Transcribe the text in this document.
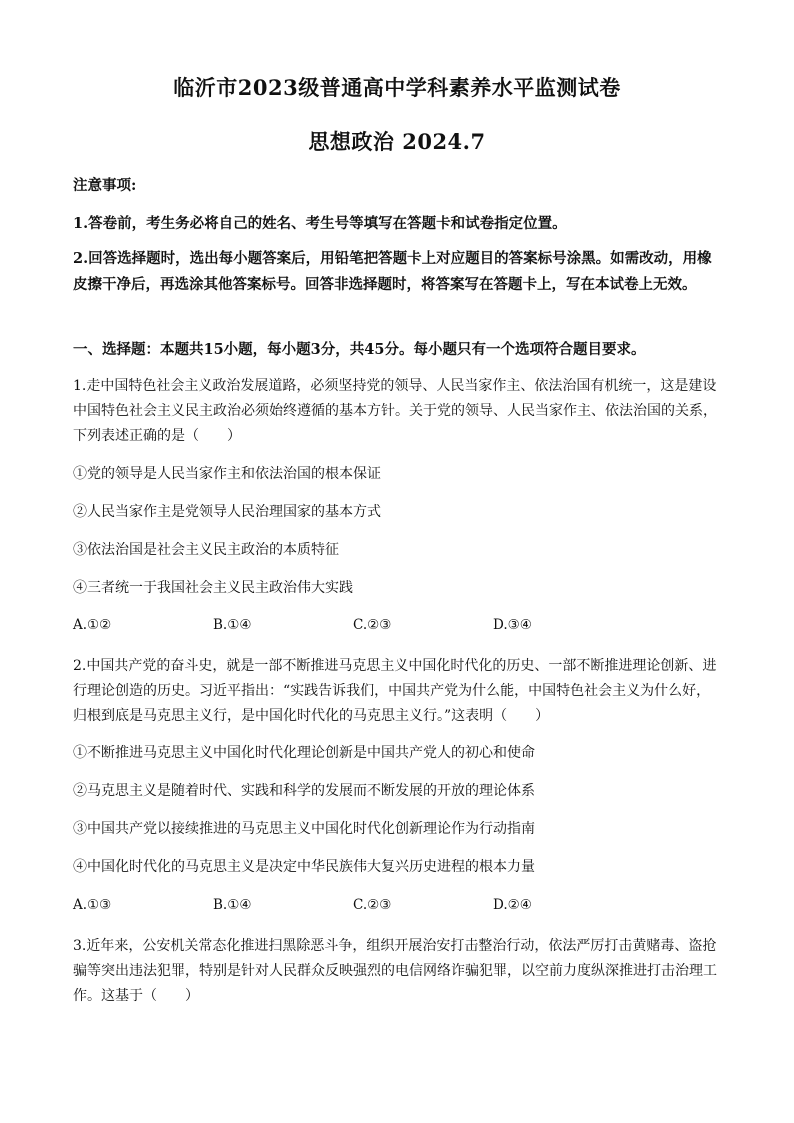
临沂市2023级普通高中学科素养水平监测试卷
思想政治 2024.7
注意事项:
1.答卷前，考生务必将自己的姓名、考生号等填写在答题卡和试卷指定位置。
2.回答选择题时，选出每小题答案后，用铅笔把答题卡上对应题目的答案标号涂黑。如需改动，用橡皮擦干净后，再选涂其他答案标号。回答非选择题时，将答案写在答题卡上，写在本试卷上无效。
一、选择题：本题共15小题，每小题3分，共45分。每小题只有一个选项符合题目要求。
1.走中国特色社会主义政治发展道路，必须坚持党的领导、人民当家作主、依法治国有机统一，这是建设中国特色社会主义民主政治必须始终遵循的基本方针。关于党的领导、人民当家作主、依法治国的关系，下列表述正确的是（　　）
①党的领导是人民当家作主和依法治国的根本保证
②人民当家作主是党领导人民治理国家的基本方式
③依法治国是社会主义民主政治的本质特征
④三者统一于我国社会主义民主政治伟大实践
A.①②	B.①④	C.②③	D.③④
2.中国共产党的奋斗史，就是一部不断推进马克思主义中国化时代化的历史、一部不断推进理论创新、进行理论创造的历史。习近平指出：“实践告诉我们，中国共产党为什么能，中国特色社会主义为什么好，归根到底是马克思主义行，是中国化时代化的马克思主义行。”这表明（　　）
①不断推进马克思主义中国化时代化理论创新是中国共产党人的初心和使命
②马克思主义是随着时代、实践和科学的发展而不断发展的开放的理论体系
③中国共产党以接续推进的马克思主义中国化时代化创新理论作为行动指南
④中国化时代化的马克思主义是决定中华民族伟大复兴历史进程的根本力量
A.①③	B.①④	C.②③	D.②④
3.近年来，公安机关常态化推进扫黑除恶斗争，组织开展治安打击整治行动，依法严厉打击黄赌毒、盗抢骗等突出违法犯罪，特别是针对人民群众反映强烈的电信网络诈骗犯罪，以空前力度纵深推进打击治理工作。这基于（　　）
